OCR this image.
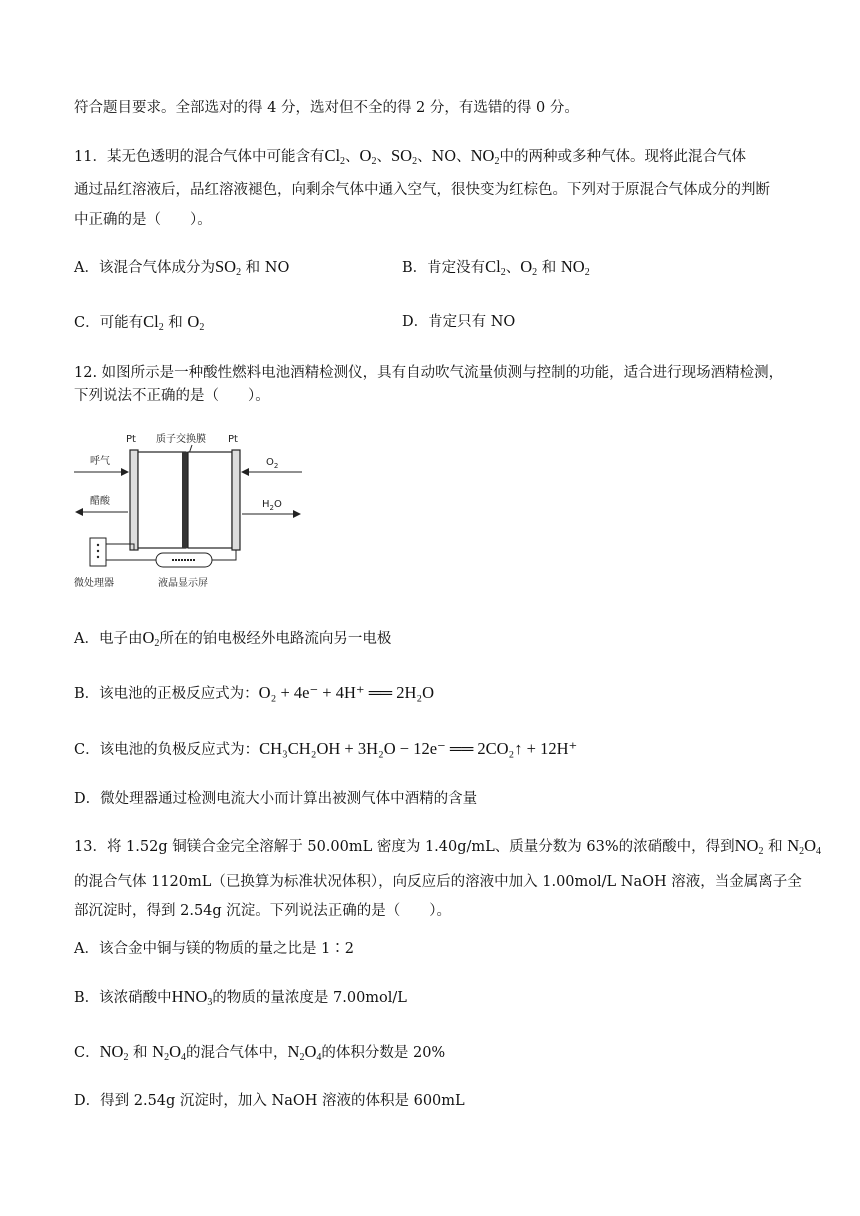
符合题目要求。全部选对的得 4 分，选对但不全的得 2 分，有选错的得 0 分。
11．某无色透明的混合气体中可能含有$Cl_2$、$O_2$、$SO_2$、NO、$NO_2$中的两种或多种气体。现将此混合气体
通过品红溶液后，品红溶液褪色，向剩余气体中通入空气，很快变为红棕色。下列对于原混合气体成分的判断
中正确的是（　　）。
A．该混合气体成分为$SO_2$ 和 NO	B．肯定没有$Cl_2$、$O_2$ 和 $NO_2$
C．可能有$Cl_2$ 和 $O_2$	D．肯定只有 NO
12. 如图所示是一种酸性燃料电池酒精检测仪，具有自动吹气流量侦测与控制的功能，适合进行现场酒精检测，
下列说法不正确的是（　　）。
Pt 质子交换膜 Pt
呼气
醋酸
$O_2$
$H_2O$
微处理器	液晶显示屏
A．电子由$O_2$所在的铂电极经外电路流向另一电极
B．该电池的正极反应式为：O₂ + 4e⁻ + 4H⁺ ══ 2H₂O
C．该电池的负极反应式为：CH₃CH₂OH + 3H₂O − 12e⁻ ══ 2CO₂↑ + 12H⁺
D．微处理器通过检测电流大小而计算出被测气体中酒精的含量
13．将 1.52g 铜镁合金完全溶解于 50.00mL 密度为 1.40g/mL、质量分数为 63%的浓硝酸中，得到$NO_2$ 和 $N_2O_4$
的混合气体 1120mL（已换算为标准状况体积），向反应后的溶液中加入 1.00mol/L NaOH 溶液，当金属离子全
部沉淀时，得到 2.54g 沉淀。下列说法正确的是（　　）。
A．该合金中铜与镁的物质的量之比是 1∶2
B．该浓硝酸中$HNO_3$的物质的量浓度是 7.00mol/L
C．$NO_2$ 和 $N_2O_4$的混合气体中，$N_2O_4$的体积分数是 20%
D．得到 2.54g 沉淀时，加入 NaOH 溶液的体积是 600mL
